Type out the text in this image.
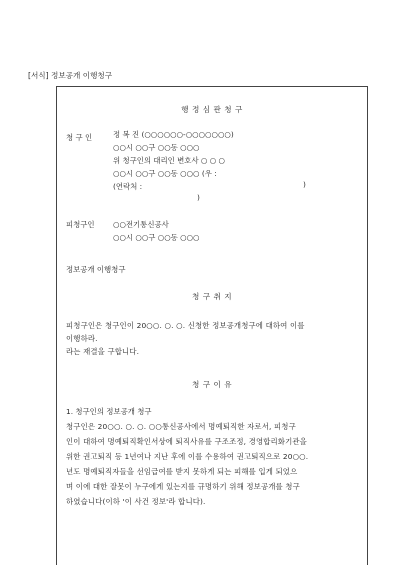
[서식] 정보공개 이행청구
행 정 심 판 청 구
청 구 인	정 복 진 (○○○○○○-○○○○○○○)
○○시 ○○구 ○○동 ○○○
위 청구인의 대리인 변호사 ○ ○ ○
○○시 ○○구 ○○동 ○○○ (우 :
(연락처 :	)
)
피청구인 ○○전기통신공사
○○시 ○○구 ○○동 ○○○
정보공개 이행청구
청 구 취 지
피청구인은 청구인이 20○○. ○. ○. 신청한 정보공개청구에 대하여 이를
이행하라.
라는 재결을 구합니다.
청 구 이 유
1. 청구인의 정보공개 청구
청구인은 20○○. ○. ○. ○○통신공사에서 명예퇴직한 자로서, 피청구
인이 대하여 명예퇴직확인서상에 퇴직사유를 구조조정, 경영합리화기관을
위한 권고퇴직 등 1년여나 지난 후에 이를 수용하여 권고퇴직으로 20○○.
년도 명예퇴직자들을 선임급여를 받지 못하게 되는 피해를 입게 되었으
며 이에 대한 잘못이 누구에게 있는지를 규명하기 위해 정보공개를 청구
하였습니다(이하 '이 사건 정보'라 합니다).
